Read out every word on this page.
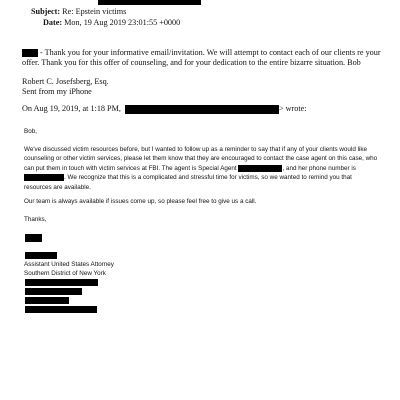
Subject: Re: Epstein victims
Date: Mon, 19 Aug 2019 23:01:55 +0000
- Thank you for your informative email/invitation. We will attempt to contact each of our clients re your offer. Thank you for this offer of counseling, and for your dedication to the entire bizarre situation. Bob
Robert C. Josefsberg, Esq.
Sent from my iPhone
On Aug 19, 2019, at 1:18 PM,	> wrote:
Bob,
We've discussed victim resources before, but I wanted to follow up as a reminder to say that if any of your clients would like counseling or other victim services, please let them know that they are encouraged to contact the case agent on this case, who can put them in touch with victim services at FBI. The agent is Special Agent	, and her phone number is . We recognize that this is a complicated and stressful time for victims, so we wanted to remind you that resources are available.
Our team is always available if issues come up, so please feel free to give us a call.
Thanks,
Assistant United States Attorney
Southern District of New York
